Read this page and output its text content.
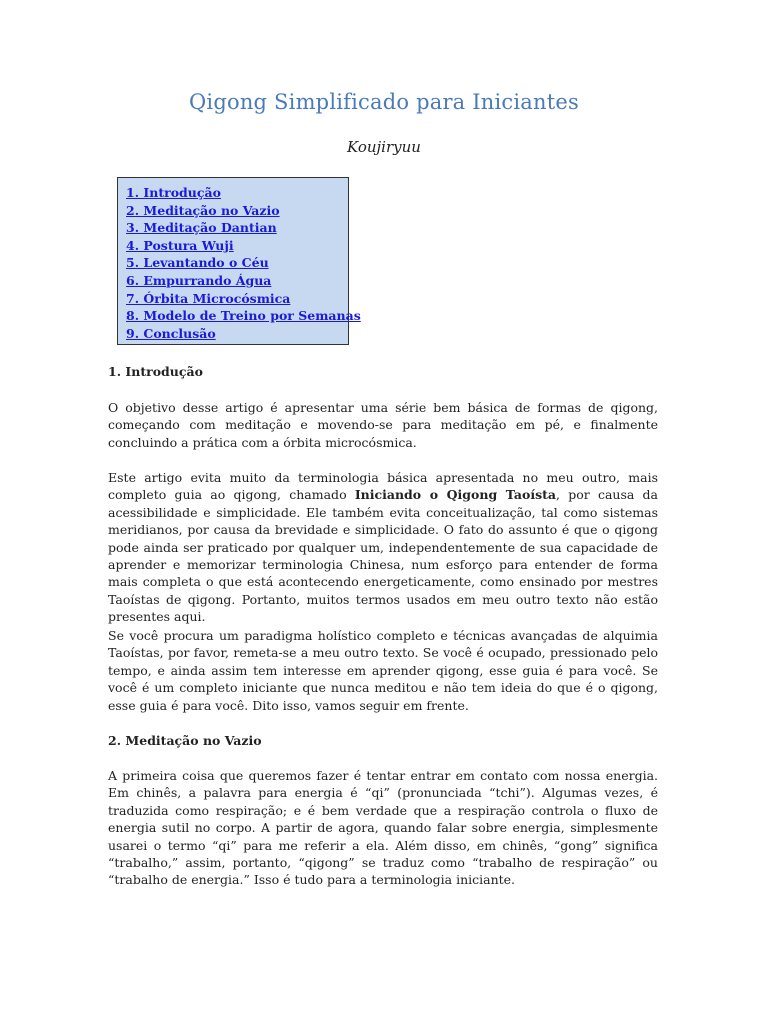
Qigong Simplificado para Iniciantes
Koujiryuu
1. Introdução
2. Meditação no Vazio
3. Meditação Dantian
4. Postura Wuji
5. Levantando o Céu
6. Empurrando Água
7. Órbita Microcósmica
8. Modelo de Treino por Semanas
9. Conclusão
1. Introdução

O objetivo desse artigo é apresentar uma série bem básica de formas de qigong, começando com meditação e movendo-se para meditação em pé, e finalmente concluindo a prática com a órbita microcósmica.

Este artigo evita muito da terminologia básica apresentada no meu outro, mais completo guia ao qigong, chamado Iniciando o Qigong Taoísta, por causa da acessibilidade e simplicidade. Ele também evita conceitualização, tal como sistemas meridianos, por causa da brevidade e simplicidade. O fato do assunto é que o qigong pode ainda ser praticado por qualquer um, independentemente de sua capacidade de aprender e memorizar terminologia Chinesa, num esforço para entender de forma mais completa o que está acontecendo energeticamente, como ensinado por mestres Taoístas de qigong. Portanto, muitos termos usados em meu outro texto não estão presentes aqui.

Se você procura um paradigma holístico completo e técnicas avançadas de alquimia Taoístas, por favor, remeta-se a meu outro texto. Se você é ocupado, pressionado pelo tempo, e ainda assim tem interesse em aprender qigong, esse guia é para você. Se você é um completo iniciante que nunca meditou e não tem ideia do que é o qigong, esse guia é para você. Dito isso, vamos seguir em frente.

2. Meditação no Vazio

A primeira coisa que queremos fazer é tentar entrar em contato com nossa energia. Em chinês, a palavra para energia é “qi” (pronunciada “tchi”). Algumas vezes, é traduzida como respiração; e é bem verdade que a respiração controla o fluxo de energia sutil no corpo. A partir de agora, quando falar sobre energia, simplesmente usarei o termo “qi” para me referir a ela. Além disso, em chinês, “gong” significa “trabalho,” assim, portanto, “qigong” se traduz como “trabalho de respiração” ou “trabalho de energia.” Isso é tudo para a terminologia iniciante.
